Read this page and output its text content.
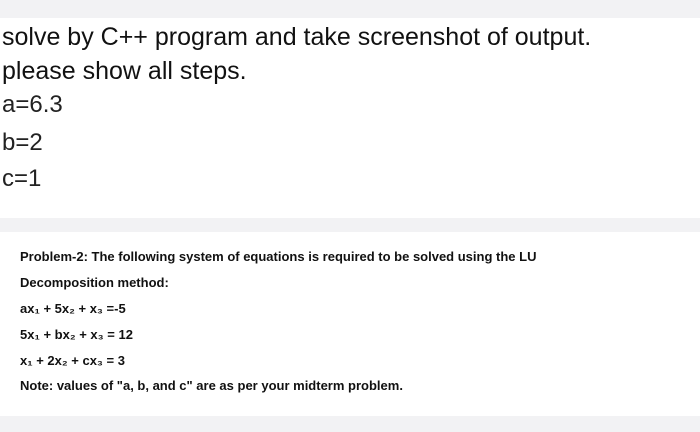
solve by C++ program and take screenshot of output.
please show all steps.
a=6.3
b=2
c=1
Problem-2: The following system of equations is required to be solved using the LU
Decomposition method:
ax₁ + 5x₂ + x₃ =-5
5x₁ + bx₂ + x₃ = 12
x₁ + 2x₂ + cx₃ = 3
Note: values of "a, b, and c" are as per your midterm problem.
